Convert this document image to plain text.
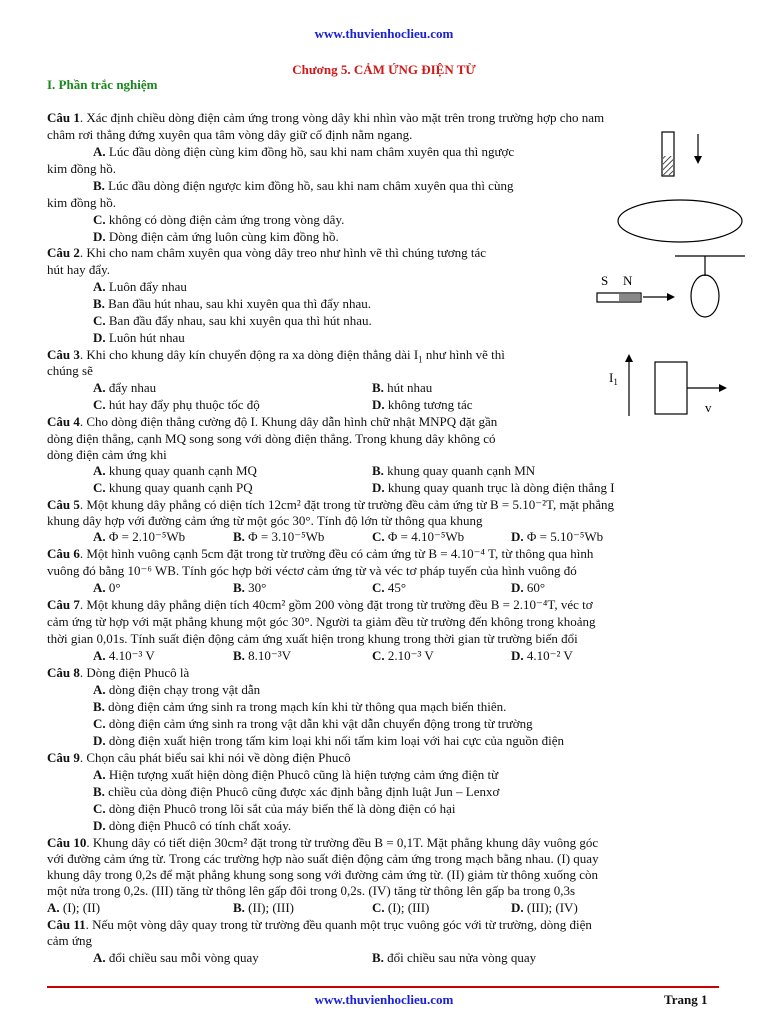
www.thuvienhoclieu.com
Chương 5. CẢM ỨNG ĐIỆN TỪ
I. Phần trắc nghiệm
Câu 1. Xác định chiều dòng điện cảm ứng trong vòng dây khi nhìn vào mặt trên trong trường hợp cho nam
châm rơi thẳng đứng xuyên qua tâm vòng dây giữ cố định nằm ngang.
A. Lúc đầu dòng điện cùng kim đồng hồ, sau khi nam châm xuyên qua thì ngược
kim đồng hồ.
B. Lúc đầu dòng điện ngược kim đồng hồ, sau khi nam châm xuyên qua thì cùng
kim đồng hồ.
C. không có dòng điện cảm ứng trong vòng dây.
D. Dòng điện cảm ứng luôn cùng kim đồng hồ.
Câu 2. Khi cho nam châm xuyên qua vòng dây treo như hình vẽ thì chúng tương tác
hút hay đẩy.
A. Luôn đẩy nhau
B. Ban đầu hút nhau, sau khi xuyên qua thì đẩy nhau.
C. Ban đầu đẩy nhau, sau khi xuyên qua thì hút nhau.
D. Luôn hút nhau
S N
Câu 3. Khi cho khung dây kín chuyển động ra xa dòng điện thẳng dài $I_1$ như hình vẽ thì
chúng sẽ
A. đẩy nhau	B. hút nhau
C. hút hay đẩy phụ thuộc tốc độ	D. không tương tác
$I_1$
v
Câu 4. Cho dòng điện thẳng cường độ I. Khung dây dẫn hình chữ nhật MNPQ đặt gần
dòng điện thẳng, cạnh MQ song song với dòng điện thẳng. Trong khung dây không có
dòng điện cảm ứng khi
A. khung quay quanh cạnh MQ	B. khung quay quanh cạnh MN
C. khung quay quanh cạnh PQ	D. khung quay quanh trục là dòng điện thẳng I
Câu 5. Một khung dây phẳng có diện tích 12cm² đặt trong từ trường đều cảm ứng từ B = 5.10⁻²T, mặt phẳng
khung dây hợp với đường cảm ứng từ một góc 30°. Tính độ lớn từ thông qua khung
A. Φ = 2.10⁻⁵Wb	B. Φ = 3.10⁻⁵Wb	C. Φ = 4.10⁻⁵Wb	D. Φ = 5.10⁻⁵Wb
Câu 6. Một hình vuông cạnh 5cm đặt trong từ trường đều có cảm ứng từ B = 4.10⁻⁴ T, từ thông qua hình
vuông đó bằng 10⁻⁶ WB. Tính góc hợp bởi véctơ cảm ứng từ và véc tơ pháp tuyến của hình vuông đó
A. 0°	B. 30°	C. 45°	D. 60°
Câu 7. Một khung dây phẳng diện tích 40cm² gồm 200 vòng đặt trong từ trường đều B = 2.10⁻⁴T, véc tơ
cảm ứng từ hợp với mặt phẳng khung một góc 30°. Người ta giảm đều từ trường đến không trong khoảng
thời gian 0,01s. Tính suất điện động cảm ứng xuất hiện trong khung trong thời gian từ trường biến đổi
A. 4.10⁻³ V	B. 8.10⁻³V	C. 2.10⁻³ V	D. 4.10⁻² V
Câu 8. Dòng điện Phucô là
A. dòng điện chạy trong vật dẫn
B. dòng điện cảm ứng sinh ra trong mạch kín khi từ thông qua mạch biến thiên.
C. dòng điện cảm ứng sinh ra trong vật dẫn khi vật dẫn chuyển động trong từ trường
D. dòng điện xuất hiện trong tấm kim loại khi nối tấm kim loại với hai cực của nguồn điện
Câu 9. Chọn câu phát biểu sai khi nói về dòng điện Phucô
A. Hiện tượng xuất hiện dòng điện Phucô cũng là hiện tượng cảm ứng điện từ
B. chiều của dòng điện Phucô cũng được xác định bằng định luật Jun – Lenxơ
C. dòng điện Phucô trong lõi sắt của máy biến thế là dòng điện có hại
D. dòng điện Phucô có tính chất xoáy.
Câu 10. Khung dây có tiết diện 30cm² đặt trong từ trường đều B = 0,1T. Mặt phẳng khung dây vuông góc
với đường cảm ứng từ. Trong các trường hợp nào suất điện động cảm ứng trong mạch bằng nhau. (I) quay
khung dây trong 0,2s để mặt phẳng khung song song với đường cảm ứng từ. (II) giảm từ thông xuống còn
một nửa trong 0,2s. (III) tăng từ thông lên gấp đôi trong 0,2s. (IV) tăng từ thông lên gấp ba trong 0,3s
A. (I); (II)	B. (II); (III)	C. (I); (III)	D. (III); (IV)
Câu 11. Nếu một vòng dây quay trong từ trường đều quanh một trục vuông góc với từ trường, dòng điện
cảm ứng
A. đổi chiều sau mỗi vòng quay	B. đổi chiều sau nửa vòng quay
www.thuvienhoclieu.com	Trang 1
